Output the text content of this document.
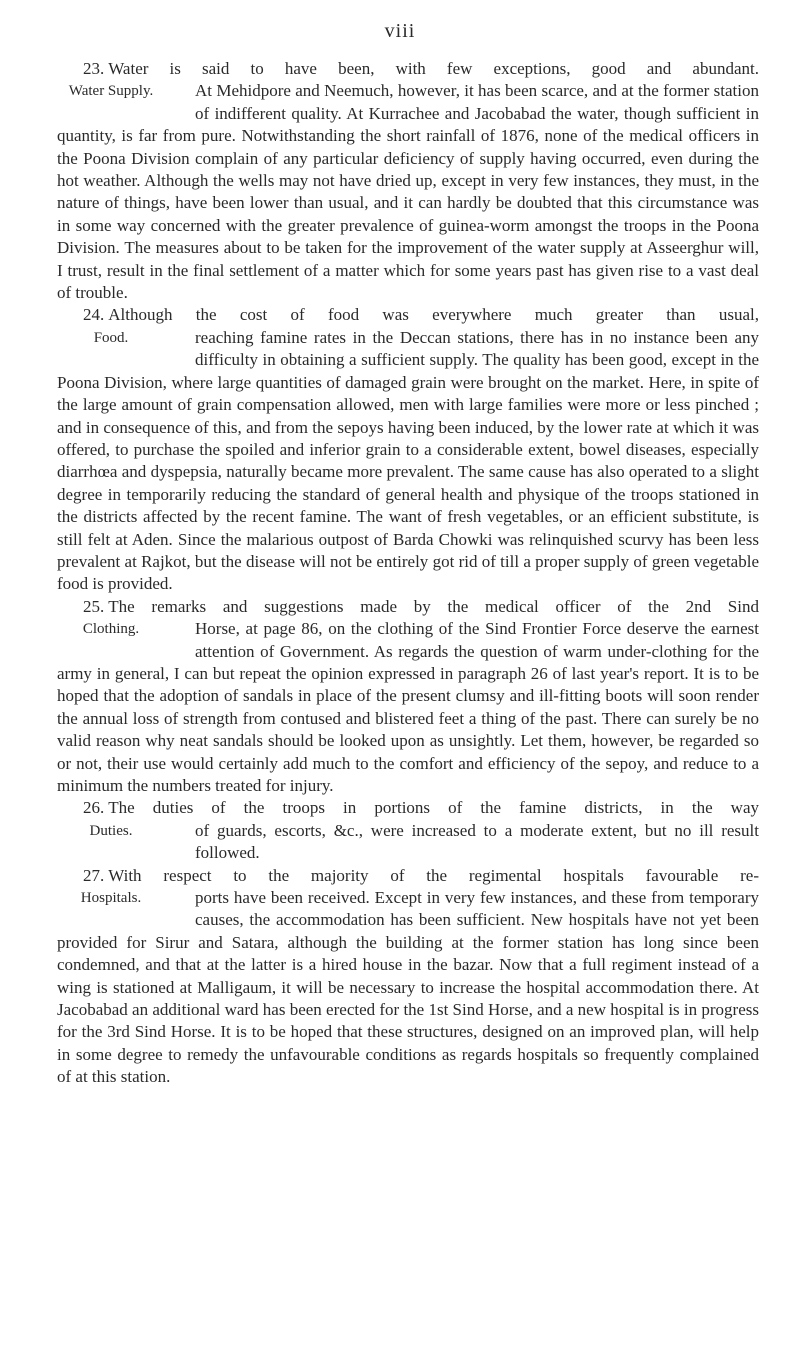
viii
23. Water is said to have been, with few exceptions, good and abundant.
Water Supply.	At Mehidpore and Neemuch, however, it has been scarce, and at the former station of indifferent quality. At Kurrachee and Jacobabad the water, though sufficient in quantity, is far from pure. Notwithstanding the short rainfall of 1876, none of the medical officers in the Poona Division complain of any particular deficiency of supply having occurred, even during the hot weather. Although the wells may not have dried up, except in very few instances, they must, in the nature of things, have been lower than usual, and it can hardly be doubted that this circumstance was in some way concerned with the greater prevalence of guinea-worm amongst the troops in the Poona Division. The measures about to be taken for the improvement of the water supply at Asseerghur will, I trust, result in the final settlement of a matter which for some years past has given rise to a vast deal of trouble.
24. Although the cost of food was everywhere much greater than usual,
Food.	reaching famine rates in the Deccan stations, there has in no instance been any difficulty in obtaining a sufficient supply. The quality has been good, except in the Poona Division, where large quantities of damaged grain were brought on the market. Here, in spite of the large amount of grain compensation allowed, men with large families were more or less pinched ; and in consequence of this, and from the sepoys having been induced, by the lower rate at which it was offered, to purchase the spoiled and inferior grain to a considerable extent, bowel diseases, especially diarrhœa and dyspepsia, naturally became more prevalent. The same cause has also operated to a slight degree in temporarily reducing the standard of general health and physique of the troops stationed in the districts affected by the recent famine. The want of fresh vegetables, or an efficient substitute, is still felt at Aden. Since the malarious outpost of Barda Chowki was relinquished scurvy has been less prevalent at Rajkot, but the disease will not be entirely got rid of till a proper supply of green vegetable food is provided.
25. The remarks and suggestions made by the medical officer of the 2nd Sind
Clothing.	Horse, at page 86, on the clothing of the Sind Frontier Force deserve the earnest attention of Government. As regards the question of warm under-clothing for the army in general, I can but repeat the opinion expressed in paragraph 26 of last year's report. It is to be hoped that the adoption of sandals in place of the present clumsy and ill-fitting boots will soon render the annual loss of strength from contused and blistered feet a thing of the past. There can surely be no valid reason why neat sandals should be looked upon as unsightly. Let them, however, be regarded so or not, their use would certainly add much to the comfort and efficiency of the sepoy, and reduce to a minimum the numbers treated for injury.
26. The duties of the troops in portions of the famine districts, in the way
Duties.	of guards, escorts, &c., were increased to a moderate extent, but no ill result followed.
27. With respect to the majority of the regimental hospitals favourable re-
Hospitals.	ports have been received. Except in very few instances, and these from temporary causes, the accommodation has been sufficient. New hospitals have not yet been provided for Sirur and Satara, although the building at the former station has long since been condemned, and that at the latter is a hired house in the bazar. Now that a full regiment instead of a wing is stationed at Malligaum, it will be necessary to increase the hospital accommodation there. At Jacobabad an additional ward has been erected for the 1st Sind Horse, and a new hospital is in progress for the 3rd Sind Horse. It is to be hoped that these structures, designed on an improved plan, will help in some degree to remedy the unfavourable conditions as regards hospitals so frequently complained of at this station.
